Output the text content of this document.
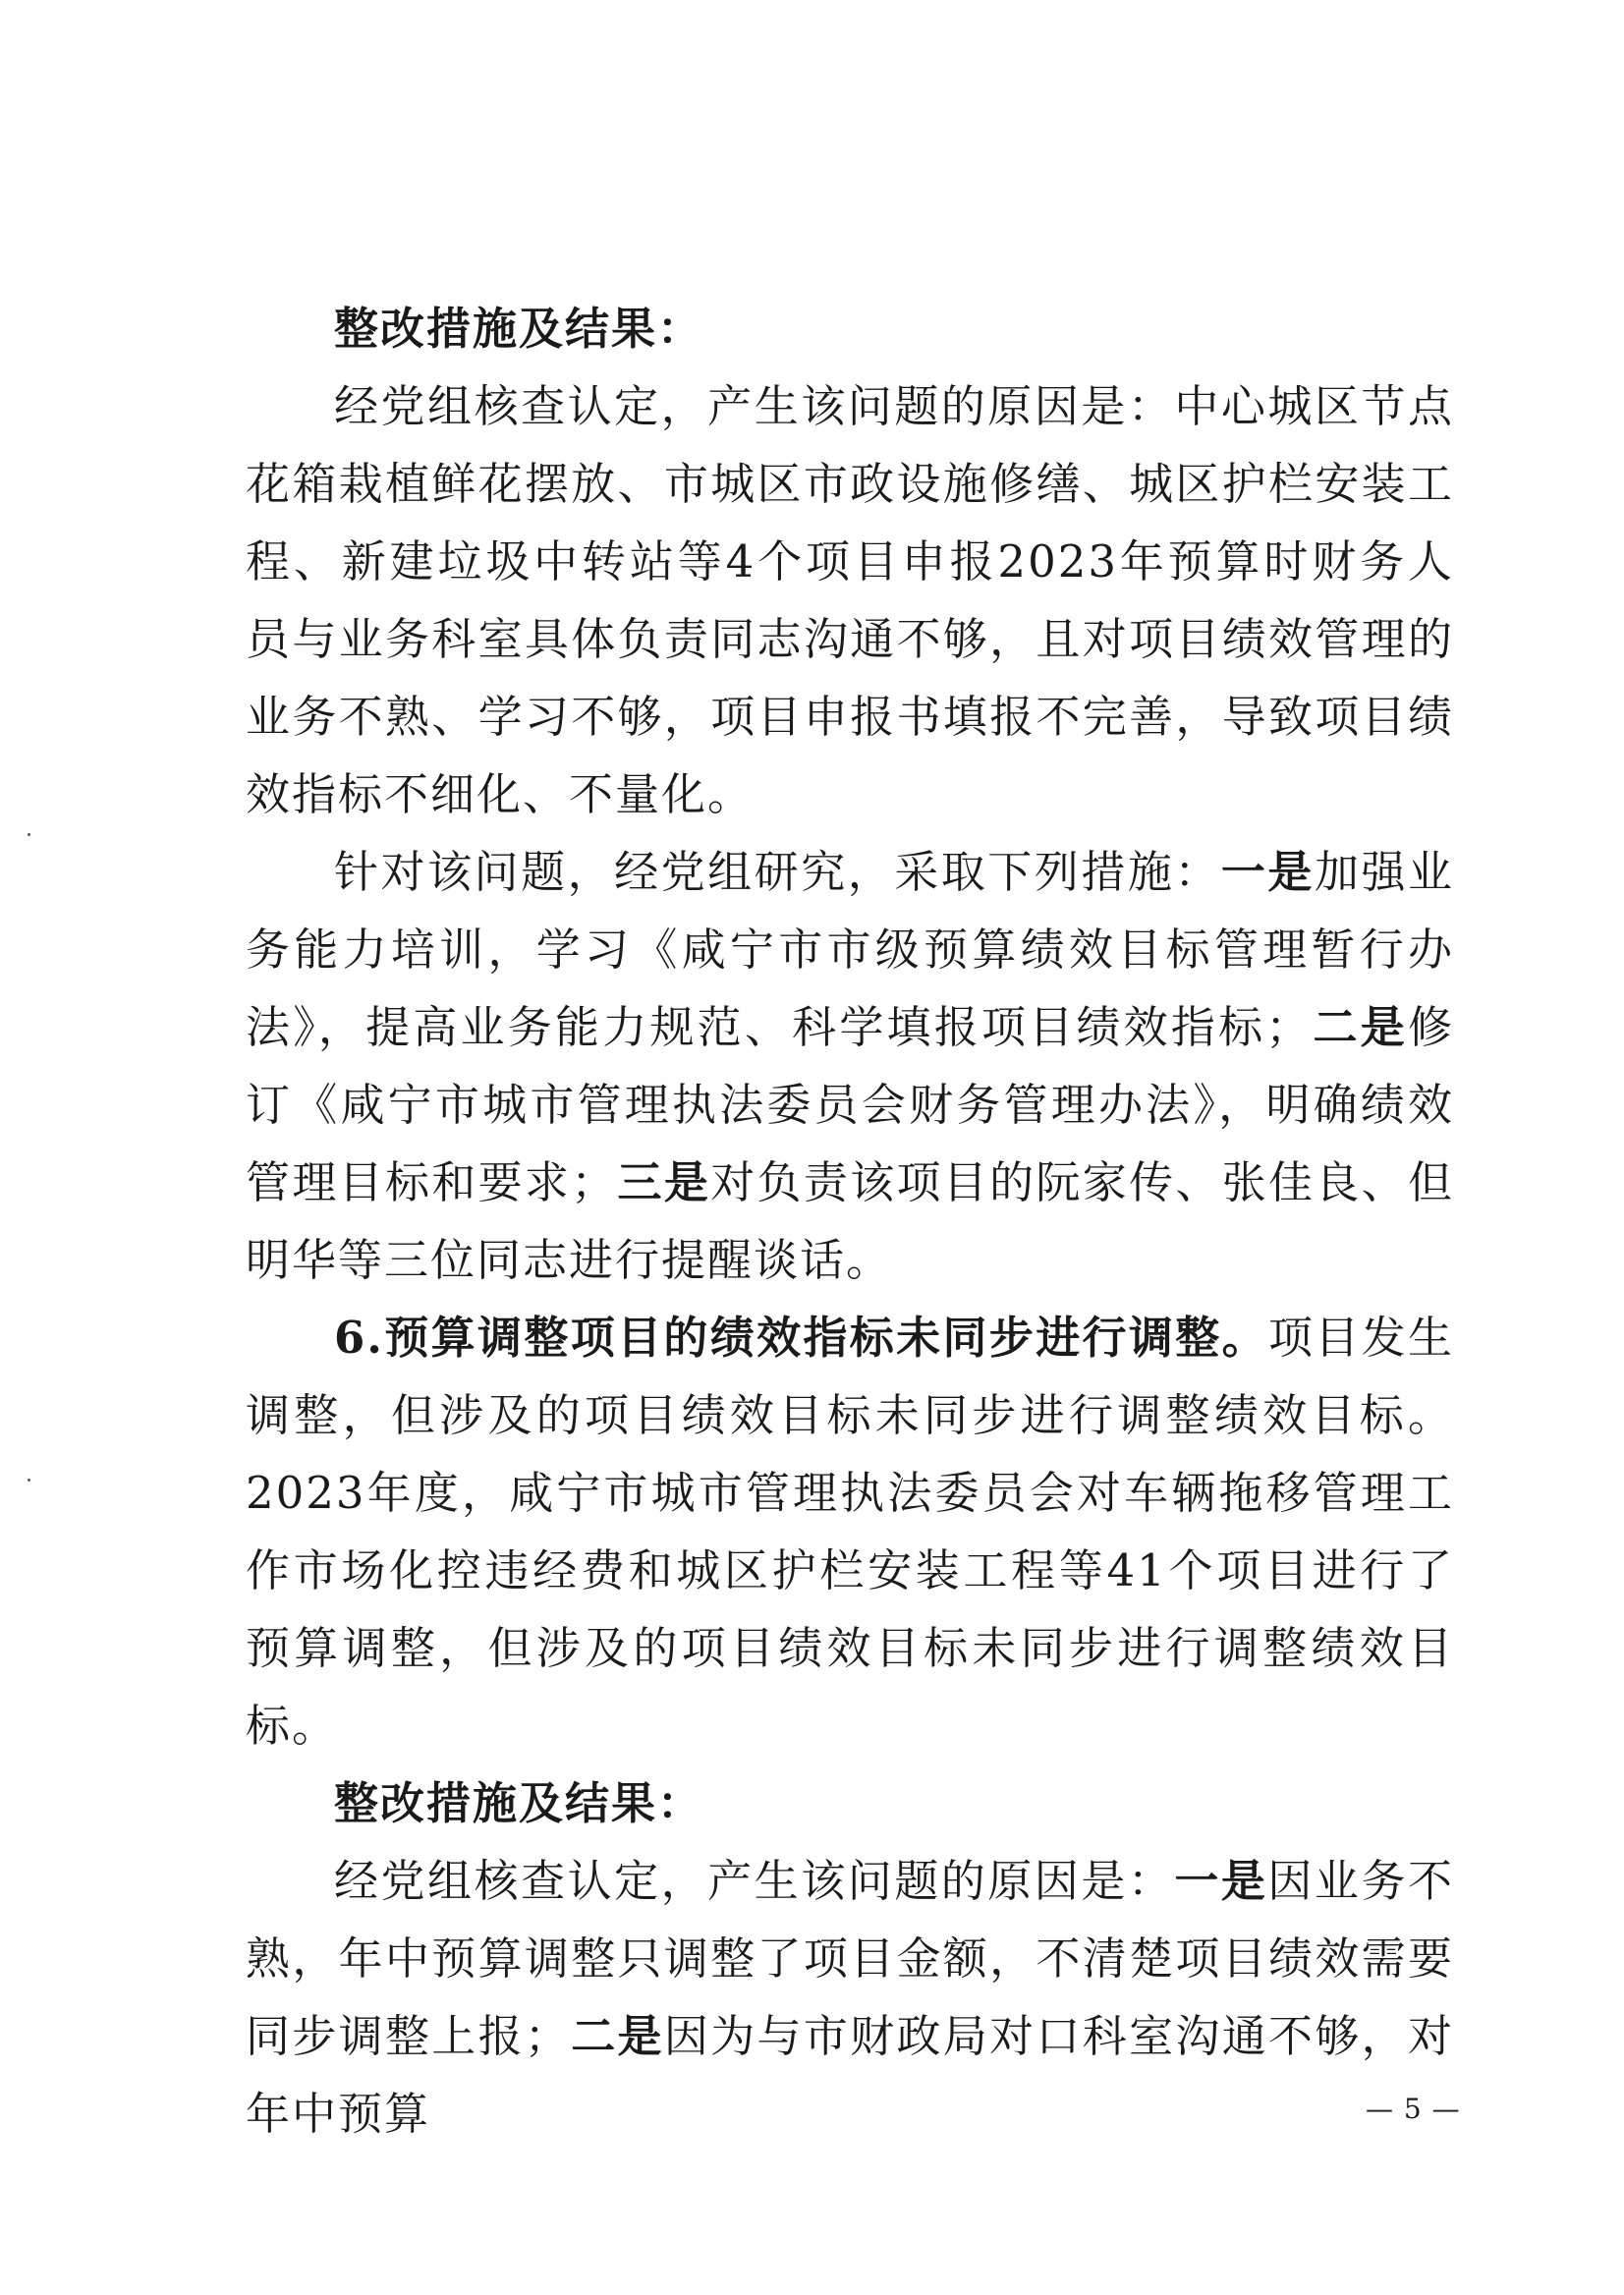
整改措施及结果：

经党组核查认定，产生该问题的原因是：中心城区节点花箱栽植鲜花摆放、市城区市政设施修缮、城区护栏安装工程、新建垃圾中转站等4个项目申报2023年预算时财务人员与业务科室具体负责同志沟通不够，且对项目绩效管理的业务不熟、学习不够，项目申报书填报不完善，导致项目绩效指标不细化、不量化。

针对该问题，经党组研究，采取下列措施：一是加强业务能力培训，学习《咸宁市市级预算绩效目标管理暂行办法》，提高业务能力规范、科学填报项目绩效指标；二是修订《咸宁市城市管理执法委员会财务管理办法》，明确绩效管理目标和要求；三是对负责该项目的阮家传、张佳良、但明华等三位同志进行提醒谈话。

6.预算调整项目的绩效指标未同步进行调整。项目发生调整，但涉及的项目绩效目标未同步进行调整绩效目标。2023年度，咸宁市城市管理执法委员会对车辆拖移管理工作市场化控违经费和城区护栏安装工程等41个项目进行了预算调整，但涉及的项目绩效目标未同步进行调整绩效目标。

整改措施及结果：

经党组核查认定，产生该问题的原因是：一是因业务不熟，年中预算调整只调整了项目金额，不清楚项目绩效需要同步调整上报；二是因为与市财政局对口科室沟通不够，对年中预算	— 5 —
